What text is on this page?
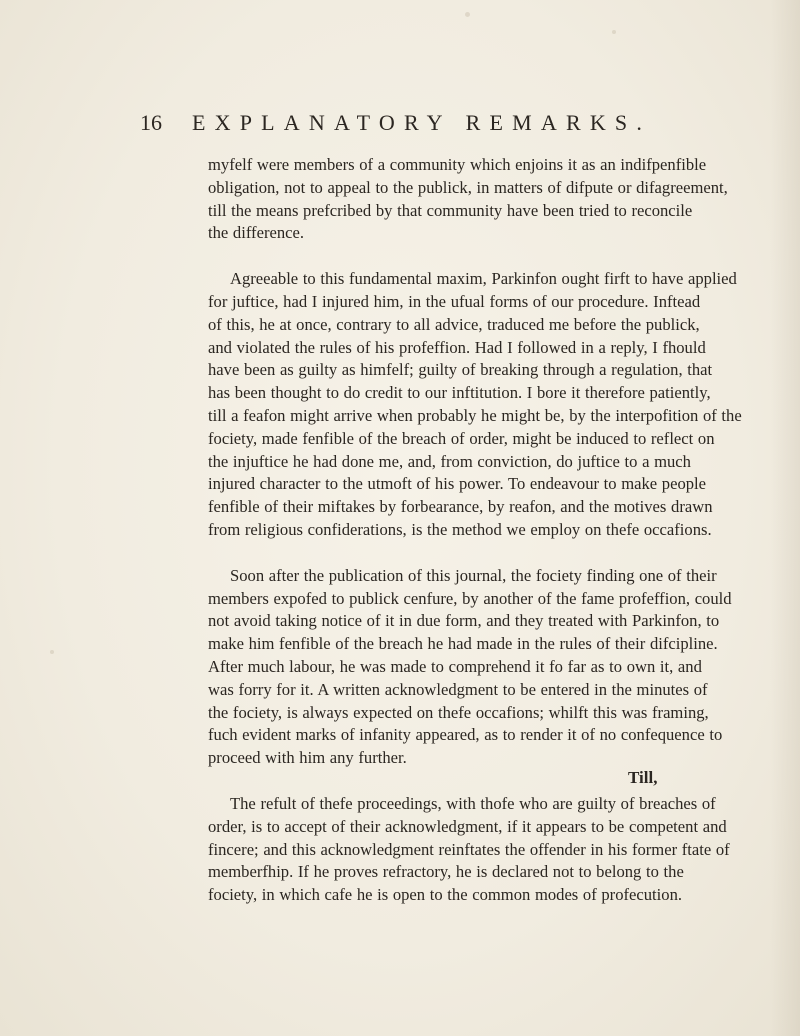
16 EXPLANATORY REMARKS.

myfelf were members of a community which enjoins it as an indifpenfible
obligation, not to appeal to the publick, in matters of difpute or difagreement,
till the means prefcribed by that community have been tried to reconcile
the difference.

Agreeable to this fundamental maxim, Parkinfon ought firft to have applied
for juftice, had I injured him, in the ufual forms of our procedure. Inftead
of this, he at once, contrary to all advice, traduced me before the publick,
and violated the rules of his profeffion. Had I followed in a reply, I fhould
have been as guilty as himfelf; guilty of breaking through a regulation, that
has been thought to do credit to our inftitution. I bore it therefore patiently,
till a feafon might arrive when probably he might be, by the interpofition of the
fociety, made fenfible of the breach of order, might be induced to reflect on
the injuftice he had done me, and, from conviction, do juftice to a much
injured character to the utmoft of his power. To endeavour to make people
fenfible of their miftakes by forbearance, by reafon, and the motives drawn
from religious confiderations, is the method we employ on thefe occafions.

Soon after the publication of this journal, the fociety finding one of their
members expofed to publick cenfure, by another of the fame profeffion, could
not avoid taking notice of it in due form, and they treated with Parkinfon, to
make him fenfible of the breach he had made in the rules of their difcipline.
After much labour, he was made to comprehend it fo far as to own it, and
was forry for it. A written acknowledgment to be entered in the minutes of
the fociety, is always expected on thefe occafions; whilft this was framing,
fuch evident marks of infanity appeared, as to render it of no confequence to
proceed with him any further.

The refult of thefe proceedings, with thofe who are guilty of breaches of
order, is to accept of their acknowledgment, if it appears to be competent and
fincere; and this acknowledgment reinftates the offender in his former ftate of
memberfhip. If he proves refractory, he is declared not to belong to the
fociety, in which cafe he is open to the common modes of profecution.

Till,
